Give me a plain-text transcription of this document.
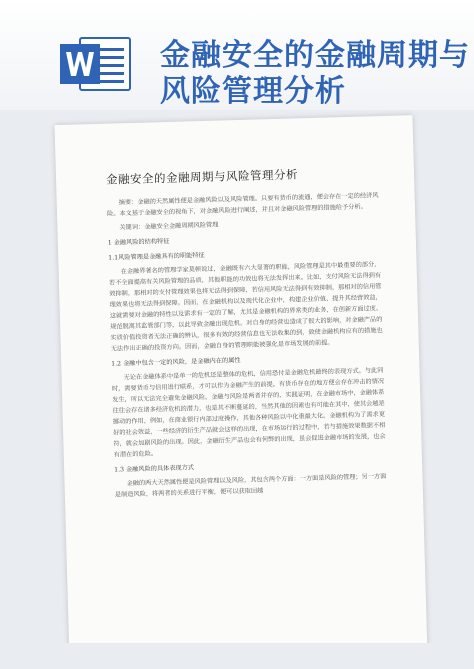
金融安全的金融周期与
风险管理分析
金融安全的金融周期与风险管理分析

摘要：金融的天然属性便是金融风险以及风险管理。只要有货币的流通，便会存在一定的经济风险。本文基于金融安全的视角下，对金融风险进行阐述，并且对金融风险管理的措施给予分析。

关键词：金融安全金融周期风险管理

1 金融风险的结构特征

1.1风险管理是金融具有的职能特征

在金融界著名的管理学家莫顿说过，金融既有六大显著的职能，风险管理是其中最重要的部分，若不全面提高有关风险管理的品质，其他职能的功效也将无法发挥出来。比如，支付风险无法得到有效抑制，那相对的支付管理效果也将无法得到保障，若信用风险无法得到有效抑制，那相对的信用管理效果也将无法得到保障。因而，在金融机构以及现代化企业中，构建企业价值、提升其经营效益，这就需要对金融的特性以及需求有一定的了解，尤其是金融机构的界常类的业务，在创新方面过度、规范脱离其监管部门等，以此导致金融出现危机。对自身的经营也造成了很大的影响，对金融产品的实质价值投资者无法正确的辨认，很多有效的经营信息也无法收集的到，致使金融机构应有的措施也无法作出正确的投资方向。因而，金融自身的管理职能被强化是市场发展的前提。

1.2 金融中包含一定的风险，是金融内在的属性

无论在金融体系中是单一的危机还是整体的危机，信用恐付是金融危机最终的表现方式。与此同时，需要货币与信用进行联系，才可以作为金融产生的前提。有货币存在的地方便会存在冲击的情况发生，所以无法完全避免金融风险。金融与风险是两者并存的，实践证明，在金融市场中，金融体系往往会存在诸多经济危机的潜力，也是其不断蔓延的，当然其他的因素也有可能在其中，使其会越是挪动的作用，例如，在商业银行内部过度操作，其他各种风险以中化重最大化。金融机构为了需求更好的社会效益，一些经济的衍生产品就会这样的出现，在市场运行的过程中，若与措施效果数据不相符，就会加剧风险的出现。因此，金融衍生产品也会有何弊的出现，虽会促进金融市场的发展，也会有潜在的危险。

1.3 金融风险的具体表现方式

金融的两大天然属性便是风险管理以及风险，其包含两个方面：一方面是风险的管理；另一方面是制造风险，将两者的关系进行平衡，便可以获取回越
